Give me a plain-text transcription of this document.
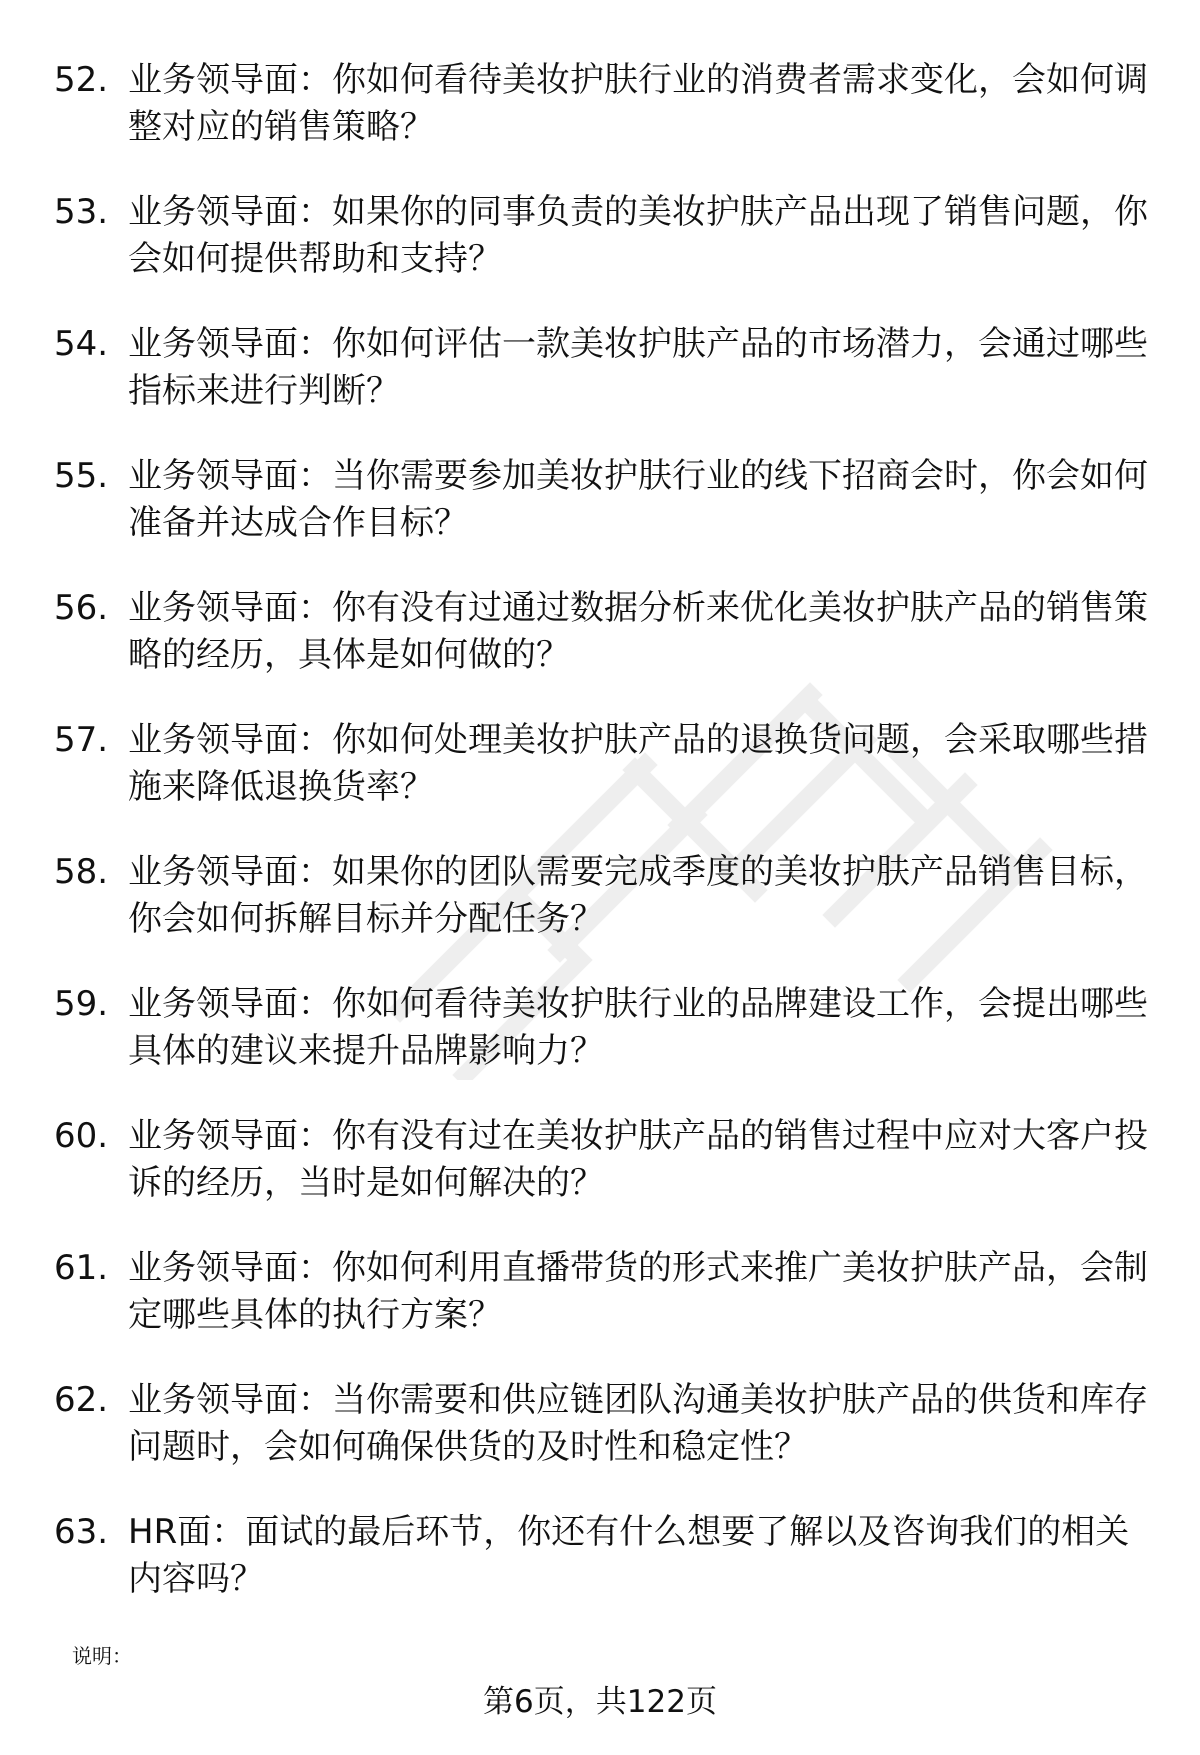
52. 业务领导面：你如何看待美妆护肤行业的消费者需求变化，会如何调整对应的销售策略？
53. 业务领导面：如果你的同事负责的美妆护肤产品出现了销售问题，你会如何提供帮助和支持？
54. 业务领导面：你如何评估一款美妆护肤产品的市场潜力，会通过哪些指标来进行判断？
55. 业务领导面：当你需要参加美妆护肤行业的线下招商会时，你会如何准备并达成合作目标？
56. 业务领导面：你有没有过通过数据分析来优化美妆护肤产品的销售策略的经历，具体是如何做的？
57. 业务领导面：你如何处理美妆护肤产品的退换货问题，会采取哪些措施来降低退换货率？
58. 业务领导面：如果你的团队需要完成季度的美妆护肤产品销售目标，你会如何拆解目标并分配任务？
59. 业务领导面：你如何看待美妆护肤行业的品牌建设工作，会提出哪些具体的建议来提升品牌影响力？
60. 业务领导面：你有没有过在美妆护肤产品的销售过程中应对大客户投诉的经历，当时是如何解决的？
61. 业务领导面：你如何利用直播带货的形式来推广美妆护肤产品，会制定哪些具体的执行方案？
62. 业务领导面：当你需要和供应链团队沟通美妆护肤产品的供货和库存问题时，会如何确保供货的及时性和稳定性？
63. HR面：面试的最后环节，你还有什么想要了解以及咨询我们的相关内容吗？
说明：
第6页，共122页
